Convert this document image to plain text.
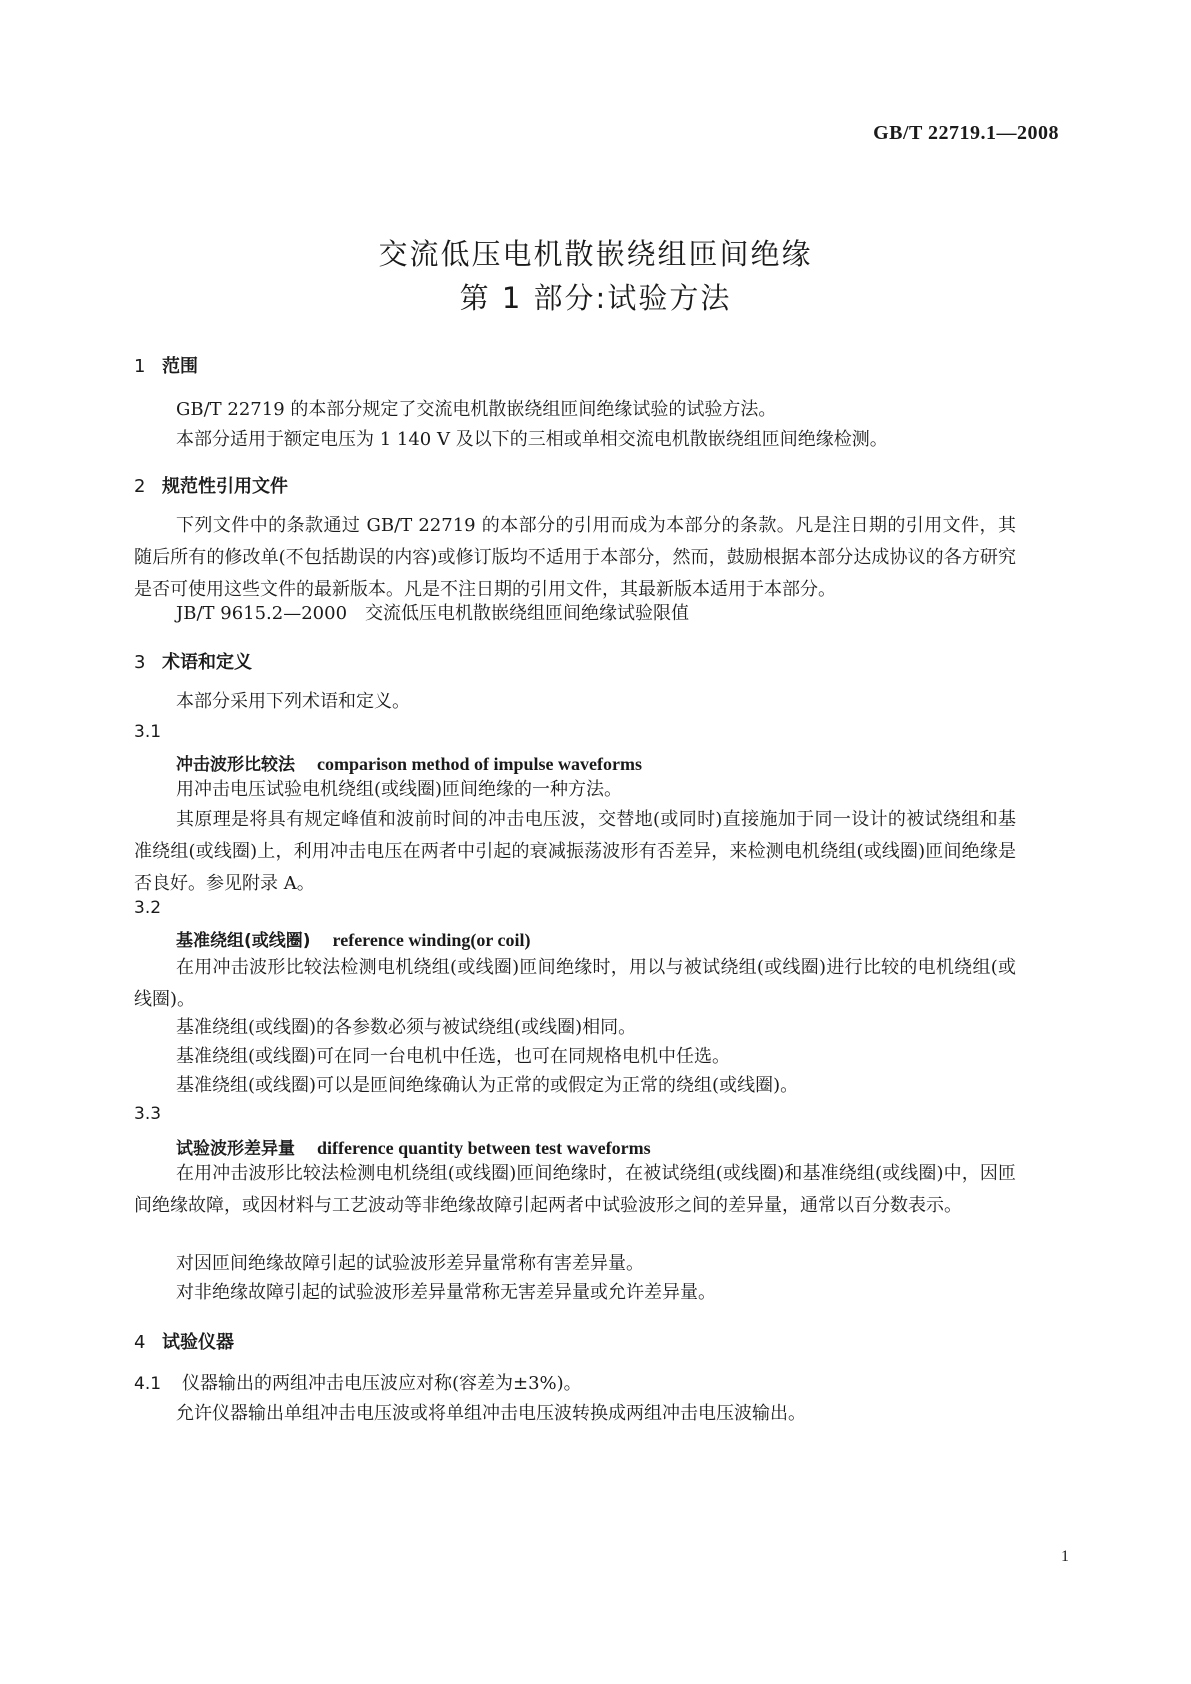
GB/T 22719.1—2008
交流低压电机散嵌绕组匝间绝缘
第 1 部分:试验方法
1 范围
GB/T 22719 的本部分规定了交流电机散嵌绕组匝间绝缘试验的试验方法。
本部分适用于额定电压为 1 140 V 及以下的三相或单相交流电机散嵌绕组匝间绝缘检测。
2 规范性引用文件
下列文件中的条款通过 GB/T 22719 的本部分的引用而成为本部分的条款。凡是注日期的引用文件，其随后所有的修改单(不包括勘误的内容)或修订版均不适用于本部分，然而，鼓励根据本部分达成协议的各方研究是否可使用这些文件的最新版本。凡是不注日期的引用文件，其最新版本适用于本部分。
JB/T 9615.2—2000　交流低压电机散嵌绕组匝间绝缘试验限值
3 术语和定义
本部分采用下列术语和定义。
3.1
冲击波形比较法 comparison method of impulse waveforms
用冲击电压试验电机绕组(或线圈)匝间绝缘的一种方法。
其原理是将具有规定峰值和波前时间的冲击电压波，交替地(或同时)直接施加于同一设计的被试绕组和基准绕组(或线圈)上，利用冲击电压在两者中引起的衰减振荡波形有否差异，来检测电机绕组(或线圈)匝间绝缘是否良好。参见附录 A。
3.2
基准绕组(或线圈) reference winding(or coil)
在用冲击波形比较法检测电机绕组(或线圈)匝间绝缘时，用以与被试绕组(或线圈)进行比较的电机绕组(或线圈)。
基准绕组(或线圈)的各参数必须与被试绕组(或线圈)相同。
基准绕组(或线圈)可在同一台电机中任选，也可在同规格电机中任选。
基准绕组(或线圈)可以是匝间绝缘确认为正常的或假定为正常的绕组(或线圈)。
3.3
试验波形差异量 difference quantity between test waveforms
在用冲击波形比较法检测电机绕组(或线圈)匝间绝缘时，在被试绕组(或线圈)和基准绕组(或线圈)中，因匝间绝缘故障，或因材料与工艺波动等非绝缘故障引起两者中试验波形之间的差异量，通常以百分数表示。
对因匝间绝缘故障引起的试验波形差异量常称有害差异量。
对非绝缘故障引起的试验波形差异量常称无害差异量或允许差异量。
4 试验仪器
4.1 仪器输出的两组冲击电压波应对称(容差为±3%)。
允许仪器输出单组冲击电压波或将单组冲击电压波转换成两组冲击电压波输出。
1
